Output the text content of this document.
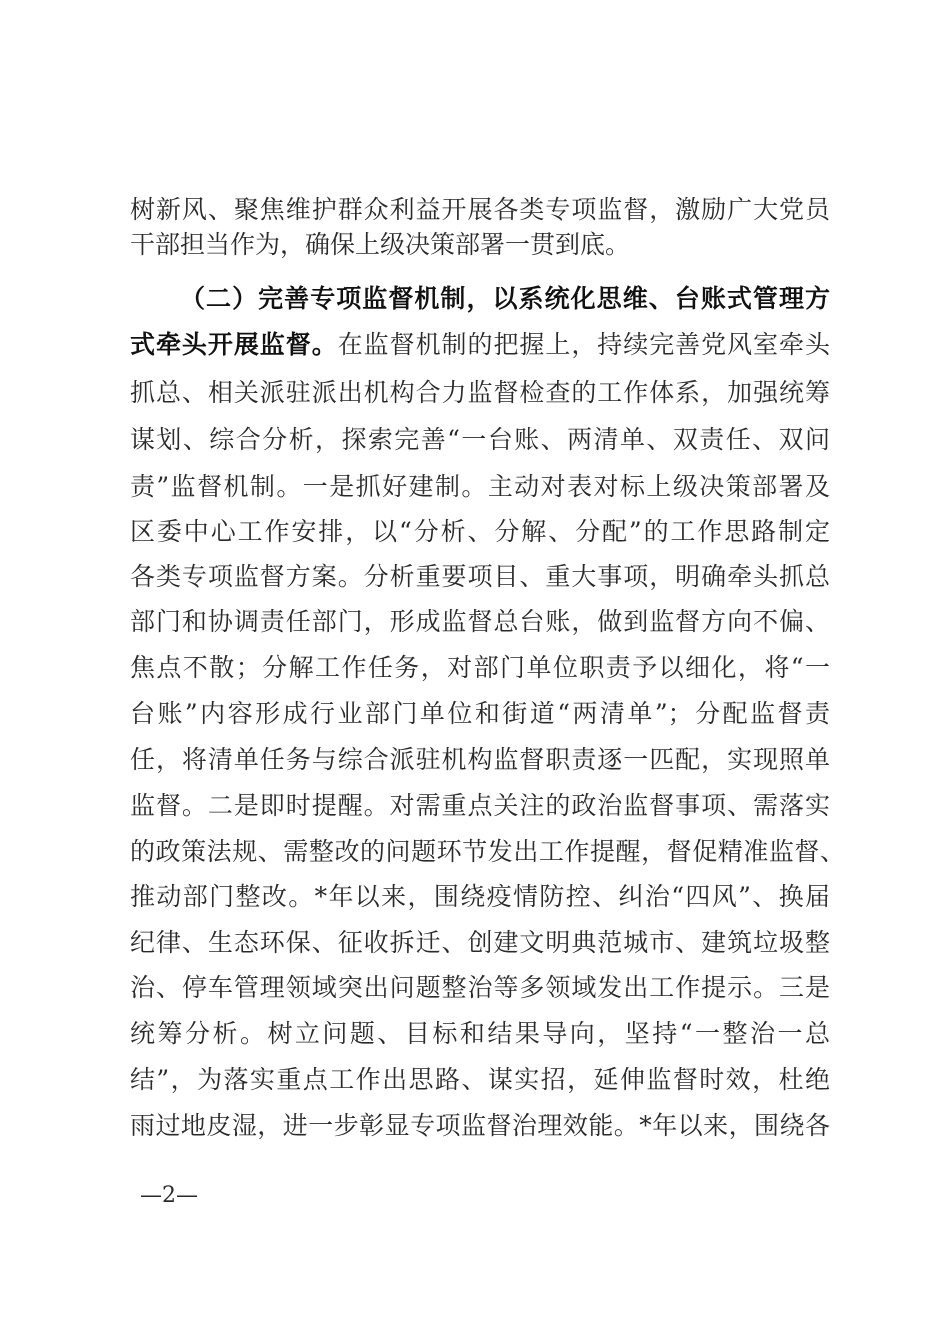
树新风、聚焦维护群众利益开展各类专项监督，激励广大党员
干部担当作为，确保上级决策部署一贯到底。
（二）完善专项监督机制，以系统化思维、台账式管理方
式牵头开展监督。在监督机制的把握上，持续完善党风室牵头
抓总、相关派驻派出机构合力监督检查的工作体系，加强统筹
谋划、综合分析，探索完善“一台账、两清单、双责任、双问
责”监督机制。一是抓好建制。主动对表对标上级决策部署及
区委中心工作安排，以“分析、分解、分配”的工作思路制定
各类专项监督方案。分析重要项目、重大事项，明确牵头抓总
部门和协调责任部门，形成监督总台账，做到监督方向不偏、
焦点不散；分解工作任务，对部门单位职责予以细化，将“一
台账”内容形成行业部门单位和街道“两清单”；分配监督责
任，将清单任务与综合派驻机构监督职责逐一匹配，实现照单
监督。二是即时提醒。对需重点关注的政治监督事项、需落实
的政策法规、需整改的问题环节发出工作提醒，督促精准监督、
推动部门整改。*年以来，围绕疫情防控、纠治“四风”、换届
纪律、生态环保、征收拆迁、创建文明典范城市、建筑垃圾整
治、停车管理领域突出问题整治等多领域发出工作提示。三是
统筹分析。树立问题、目标和结果导向，坚持“一整治一总
结”，为落实重点工作出思路、谋实招，延伸监督时效，杜绝
雨过地皮湿，进一步彰显专项监督治理效能。*年以来，围绕各
—2—
